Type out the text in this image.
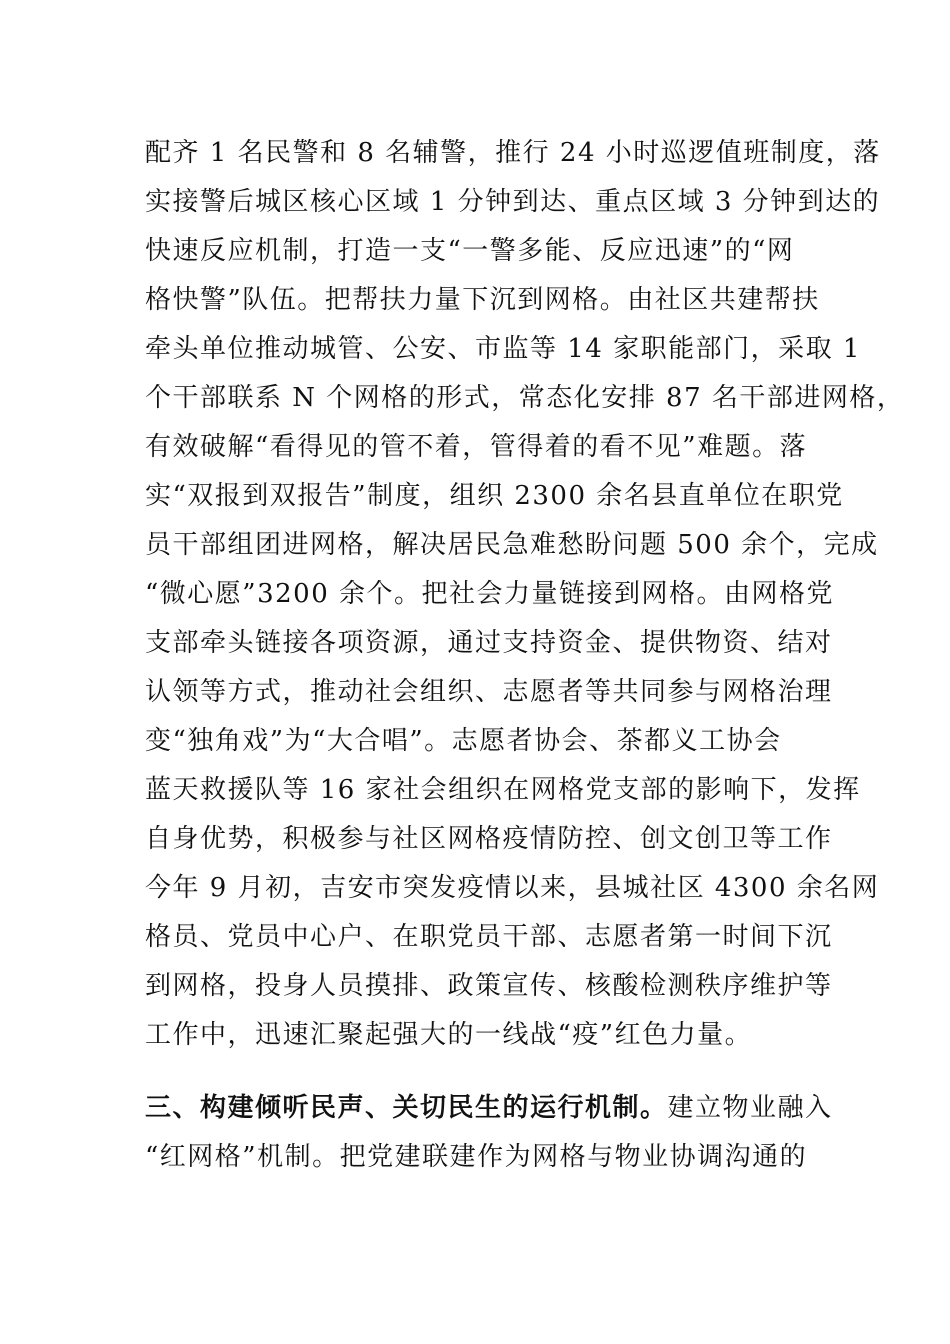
配齐 1 名民警和 8 名辅警，推行 24 小时巡逻值班制度，落
实接警后城区核心区域 1 分钟到达、重点区域 3 分钟到达的
快速反应机制，打造一支“一警多能、反应迅速”的“网
格快警”队伍。把帮扶力量下沉到网格。由社区共建帮扶
牵头单位推动城管、公安、市监等 14 家职能部门，采取 1
个干部联系 N 个网格的形式，常态化安排 87 名干部进网格，
有效破解“看得见的管不着，管得着的看不见”难题。落
实“双报到双报告”制度，组织 2300 余名县直单位在职党
员干部组团进网格，解决居民急难愁盼问题 500 余个，完成
“微心愿”3200 余个。把社会力量链接到网格。由网格党
支部牵头链接各项资源，通过支持资金、提供物资、结对
认领等方式，推动社会组织、志愿者等共同参与网格治理
变“独角戏”为“大合唱”。志愿者协会、茶都义工协会
蓝天救援队等 16 家社会组织在网格党支部的影响下，发挥
自身优势，积极参与社区网格疫情防控、创文创卫等工作
今年 9 月初，吉安市突发疫情以来，县城社区 4300 余名网
格员、党员中心户、在职党员干部、志愿者第一时间下沉
到网格，投身人员摸排、政策宣传、核酸检测秩序维护等
工作中，迅速汇聚起强大的一线战“疫”红色力量。
三、构建倾听民声、关切民生的运行机制。建立物业融入
“红网格”机制。把党建联建作为网格与物业协调沟通的
